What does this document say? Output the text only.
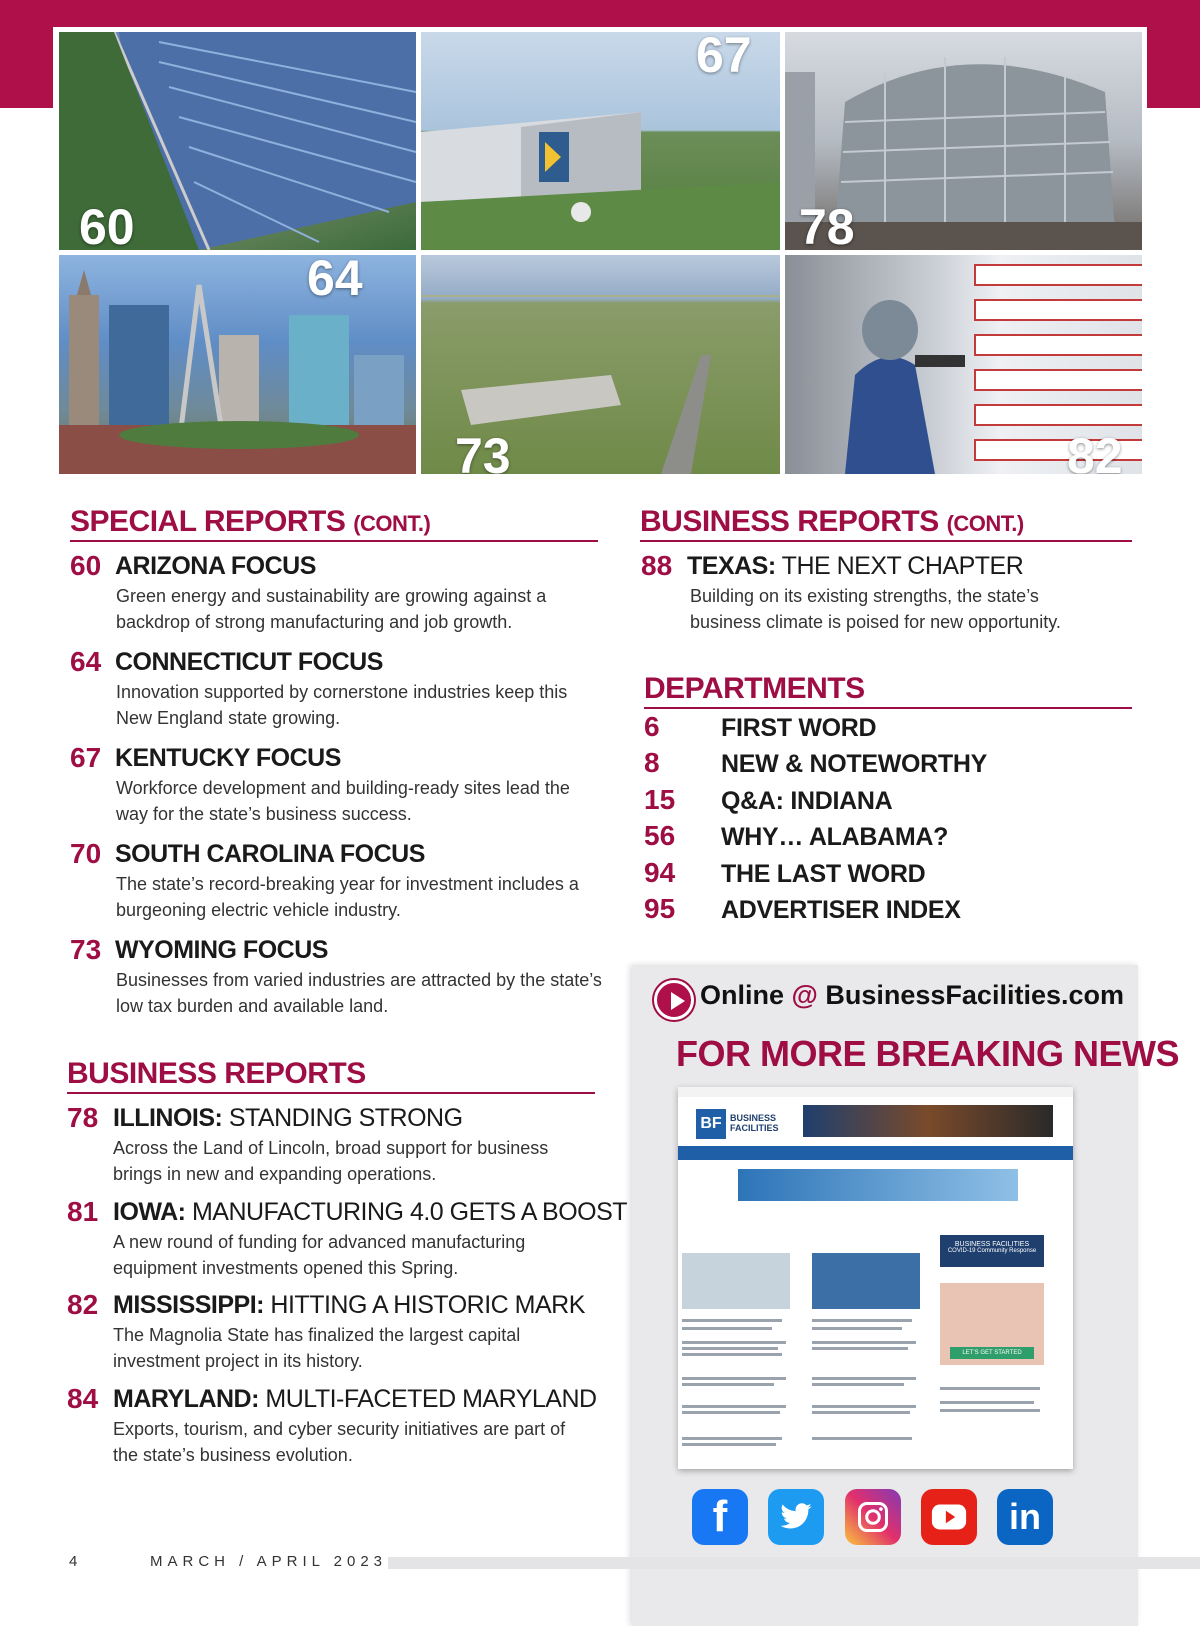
60
67
78
64
73	82
SPECIAL REPORTS (CONT.)
60 ARIZONA FOCUS
Green energy and sustainability are growing against a
backdrop of strong manufacturing and job growth.
64 CONNECTICUT FOCUS
Innovation supported by cornerstone industries keep this
New England state growing.
67 KENTUCKY FOCUS
Workforce development and building-ready sites lead the
way for the state’s business success.
70 SOUTH CAROLINA FOCUS
The state’s record-breaking year for investment includes a
burgeoning electric vehicle industry.
73 WYOMING FOCUS
Businesses from varied industries are attracted by the state’s
low tax burden and available land.
BUSINESS REPORTS
78 ILLINOIS: STANDING STRONG
Across the Land of Lincoln, broad support for business
brings in new and expanding operations.
81 IOWA: MANUFACTURING 4.0 GETS A BOOST
A new round of funding for advanced manufacturing
equipment investments opened this Spring.
82 MISSISSIPPI: HITTING A HISTORIC MARK
The Magnolia State has finalized the largest capital
investment project in its history.
84 MARYLAND: MULTI-FACETED MARYLAND
Exports, tourism, and cyber security initiatives are part of
the state’s business evolution.
BUSINESS REPORTS (CONT.)
88 TEXAS: THE NEXT CHAPTER
Building on its existing strengths, the state’s
business climate is poised for new opportunity.
DEPARTMENTS
6 FIRST WORD
8 NEW & NOTEWORTHY
15 Q&A: INDIANA
56 WHY… ALABAMA?
94 THE LAST WORD
95 ADVERTISER INDEX
Online @ BusinessFacilities.com
FOR MORE BREAKING NEWS
BF BUSINESS
FACILITIES
BUSINESS FACILITIES
COVID-19 Community Response
LET’S GET STARTED
f	in
4	MARCH / APRIL 2023
